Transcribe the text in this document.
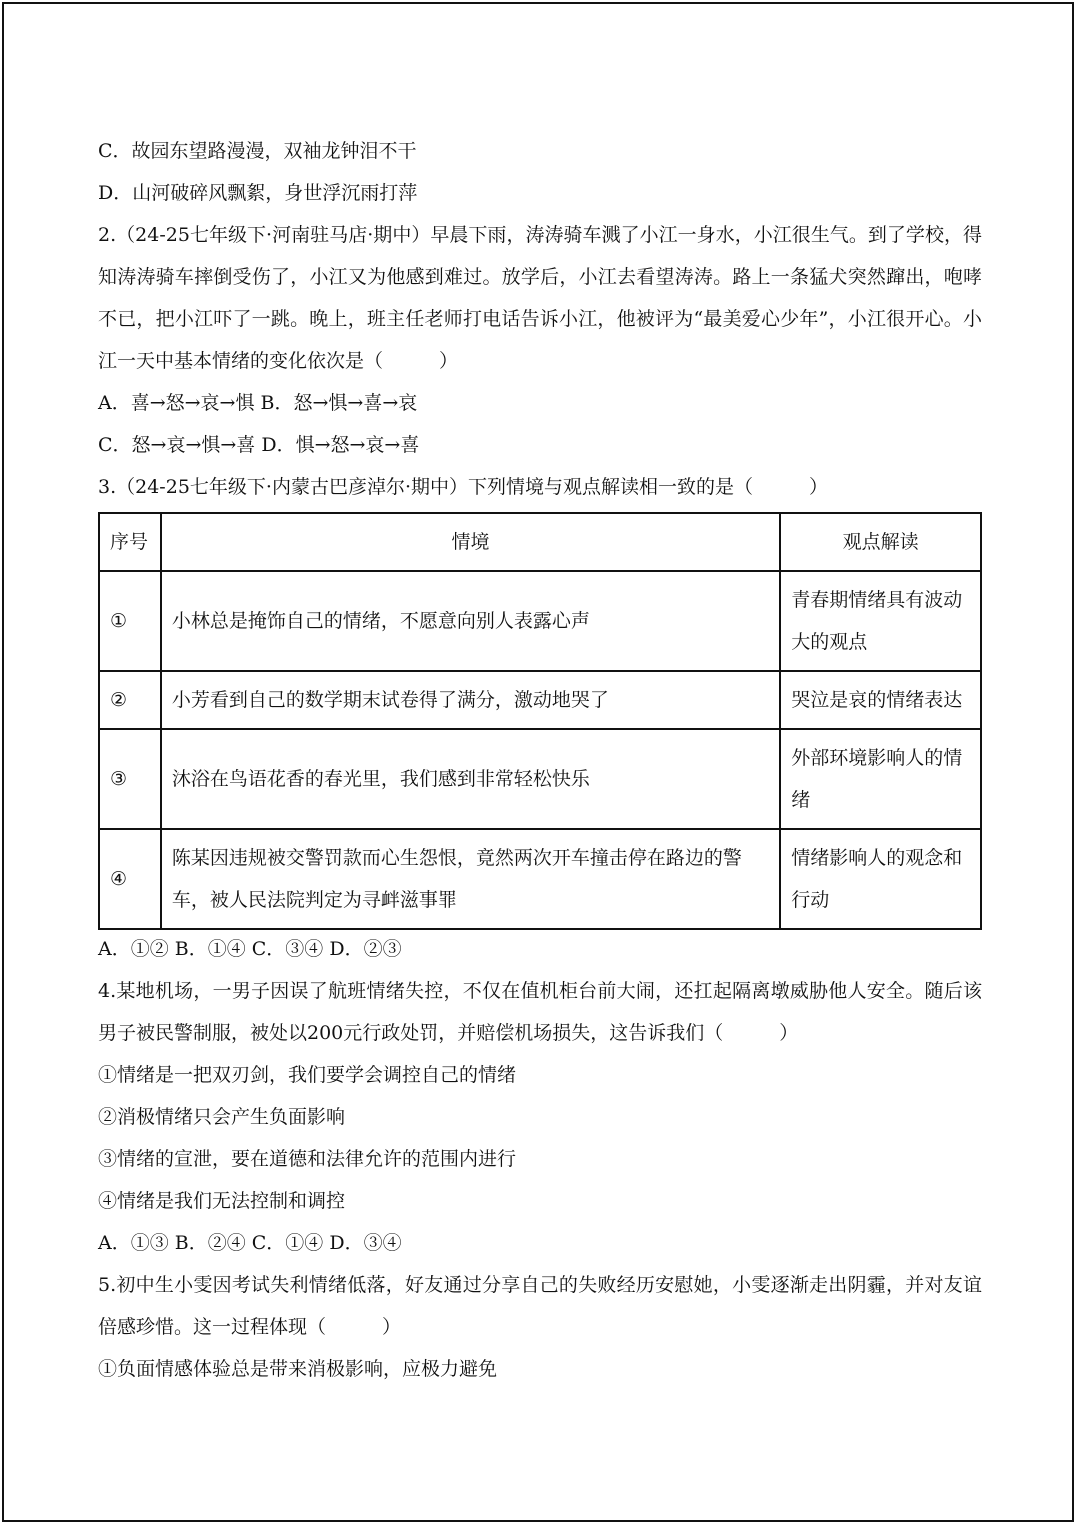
C．故园东望路漫漫，双袖龙钟泪不干
D．山河破碎风飘絮，身世浮沉雨打萍
2.（24-25七年级下·河南驻马店·期中）早晨下雨，涛涛骑车溅了小江一身水，小江很生气。到了学校，得知涛涛骑车摔倒受伤了，小江又为他感到难过。放学后，小江去看望涛涛。路上一条猛犬突然蹿出，咆哮不已，把小江吓了一跳。晚上，班主任老师打电话告诉小江，他被评为“最美爱心少年”，小江很开心。小江一天中基本情绪的变化依次是（	）
A．喜→怒→哀→惧 B．怒→惧→喜→哀
C．怒→哀→惧→喜 D．惧→怒→哀→喜
3.（24-25七年级下·内蒙古巴彦淖尔·期中）下列情境与观点解读相一致的是（	）
序号	情境	观点解读
①	小林总是掩饰自己的情绪，不愿意向别人表露心声	青春期情绪具有波动大的观点
②	小芳看到自己的数学期末试卷得了满分，激动地哭了	哭泣是哀的情绪表达
③	沐浴在鸟语花香的春光里，我们感到非常轻松快乐	外部环境影响人的情绪
④	陈某因违规被交警罚款而心生怨恨，竟然两次开车撞击停在路边的警车，被人民法院判定为寻衅滋事罪	情绪影响人的观念和行动
A．①② B．①④ C．③④ D．②③
4.某地机场，一男子因误了航班情绪失控，不仅在值机柜台前大闹，还扛起隔离墩威胁他人安全。随后该男子被民警制服，被处以200元行政处罚，并赔偿机场损失，这告诉我们（	）
①情绪是一把双刃剑，我们要学会调控自己的情绪
②消极情绪只会产生负面影响
③情绪的宣泄，要在道德和法律允许的范围内进行
④情绪是我们无法控制和调控
A．①③ B．②④ C．①④ D．③④
5.初中生小雯因考试失利情绪低落，好友通过分享自己的失败经历安慰她，小雯逐渐走出阴霾，并对友谊倍感珍惜。这一过程体现（	）
①负面情感体验总是带来消极影响，应极力避免
